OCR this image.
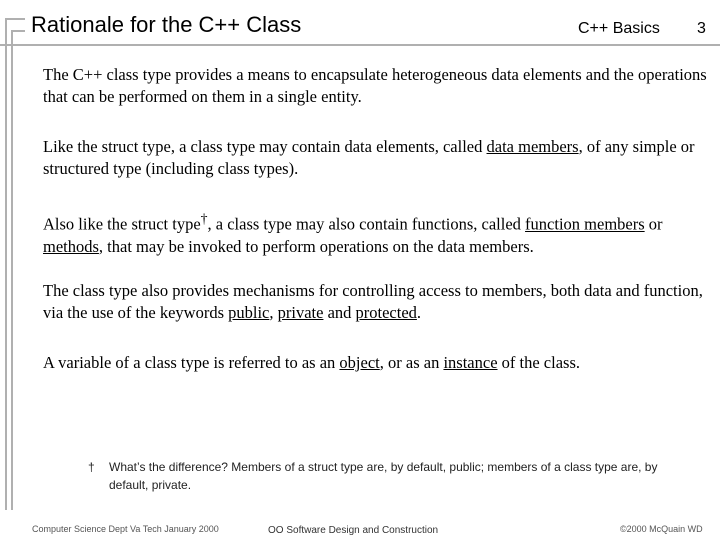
Rationale for the C++ Class	C++ Basics 3

The C++ class type provides a means to encapsulate heterogeneous data elements and the operations that can be performed on them in a single entity.

Like the struct type, a class type may contain data elements, called data members, of any simple or structured type (including class types).

Also like the struct type†, a class type may also contain functions, called function members or methods, that may be invoked to perform operations on the data members.

The class type also provides mechanisms for controlling access to members, both data and function, via the use of the keywords public, private and protected.

A variable of a class type is referred to as an object, or as an instance of the class.

† What’s the difference? Members of a struct type are, by default, public; members of a class type are, by default, private.
Computer Science Dept Va Tech January 2000	OO Software Design and Construction	©2000 McQuain WD
